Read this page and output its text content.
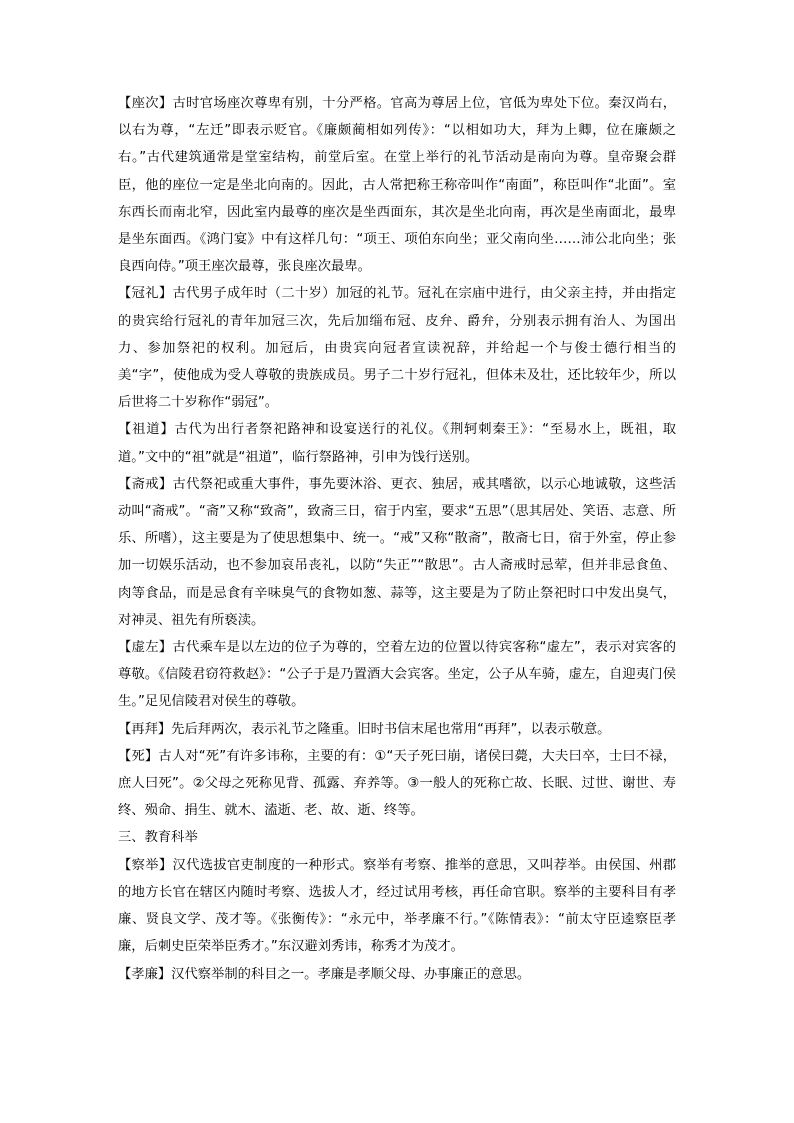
【座次】古时官场座次尊卑有别，十分严格。官高为尊居上位，官低为卑处下位。秦汉尚右，以右为尊，“左迁”即表示贬官。《廉颇蔺相如列传》：“以相如功大，拜为上卿，位在廉颇之右。”古代建筑通常是堂室结构，前堂后室。在堂上举行的礼节活动是南向为尊。皇帝聚会群臣，他的座位一定是坐北向南的。因此，古人常把称王称帝叫作“南面”，称臣叫作“北面”。室东西长而南北窄，因此室内最尊的座次是坐西面东，其次是坐北向南，再次是坐南面北，最卑是坐东面西。《鸿门宴》中有这样几句：“项王、项伯东向坐；亚父南向坐……沛公北向坐；张良西向侍。”项王座次最尊，张良座次最卑。

【冠礼】古代男子成年时（二十岁）加冠的礼节。冠礼在宗庙中进行，由父亲主持，并由指定的贵宾给行冠礼的青年加冠三次，先后加缁布冠、皮弁、爵弁，分别表示拥有治人、为国出力、参加祭祀的权利。加冠后，由贵宾向冠者宣读祝辞，并给起一个与俊士德行相当的美“字”，使他成为受人尊敬的贵族成员。男子二十岁行冠礼，但体未及壮，还比较年少，所以后世将二十岁称作“弱冠”。

【祖道】古代为出行者祭祀路神和设宴送行的礼仪。《荆轲刺秦王》：“至易水上，既祖，取道。”文中的“祖”就是“祖道”，临行祭路神，引申为饯行送别。

【斋戒】古代祭祀或重大事件，事先要沐浴、更衣、独居，戒其嗜欲，以示心地诚敬，这些活动叫“斋戒”。“斋”又称“致斋”，致斋三日，宿于内室，要求“五思”（思其居处、笑语、志意、所乐、所嗜），这主要是为了使思想集中、统一。“戒”又称“散斋”，散斋七日，宿于外室，停止参加一切娱乐活动，也不参加哀吊丧礼，以防“失正”“散思”。古人斋戒时忌荤，但并非忌食鱼、肉等食品，而是忌食有辛味臭气的食物如葱、蒜等，这主要是为了防止祭祀时口中发出臭气，对神灵、祖先有所亵渎。

【虚左】古代乘车是以左边的位子为尊的，空着左边的位置以待宾客称“虚左”，表示对宾客的尊敬。《信陵君窃符救赵》：“公子于是乃置酒大会宾客。坐定，公子从车骑，虚左，自迎夷门侯生。”足见信陵君对侯生的尊敬。

【再拜】先后拜两次，表示礼节之隆重。旧时书信末尾也常用“再拜”，以表示敬意。

【死】古人对“死”有许多讳称，主要的有：①“天子死曰崩，诸侯曰薨，大夫曰卒，士曰不禄，庶人曰死”。②父母之死称见背、孤露、弃养等。③一般人的死称亡故、长眠、过世、谢世、寿终、殒命、捐生、就木、溘逝、老、故、逝、终等。

三、教育科举

【察举】汉代选拔官吏制度的一种形式。察举有考察、推举的意思，又叫荐举。由侯国、州郡的地方长官在辖区内随时考察、选拔人才，经过试用考核，再任命官职。察举的主要科目有孝廉、贤良文学、茂才等。《张衡传》：“永元中，举孝廉不行。”《陈情表》：“前太守臣逵察臣孝廉，后刺史臣荣举臣秀才。”东汉避刘秀讳，称秀才为茂才。

【孝廉】汉代察举制的科目之一。孝廉是孝顺父母、办事廉正的意思。
